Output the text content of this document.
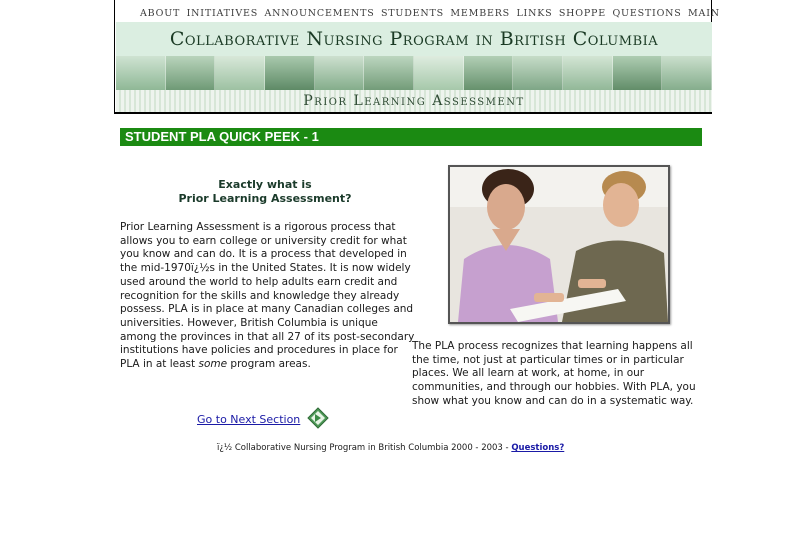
ABOUT INITIATIVES ANNOUNCEMENTS STUDENTS MEMBERS LINKS SHOPPE QUESTIONS MAIN
Collaborative Nursing Program in British Columbia
Prior Learning Assessment
STUDENT PLA QUICK PEEK - 1
Exactly what is
Prior Learning Assessment?

Prior Learning Assessment is a rigorous process that allows you to earn college or university credit for what you know and can do. It is a process that developed in the mid-1970ï¿½s in the United States. It is now widely used around the world to help adults earn credit and recognition for the skills and knowledge they already possess. PLA is in place at many Canadian colleges and universities. However, British Columbia is unique among the provinces in that all 27 of its post-secondary institutions have policies and procedures in place for PLA in at least some program areas.

The PLA process recognizes that learning happens all the time, not just at particular times or in particular places. We all learn at work, at home, in our communities, and through our hobbies. With PLA, you show what you know and can do in a systematic way.

Go to Next Section
ï¿½ Collaborative Nursing Program in British Columbia 2000 - 2003 - Questions?
